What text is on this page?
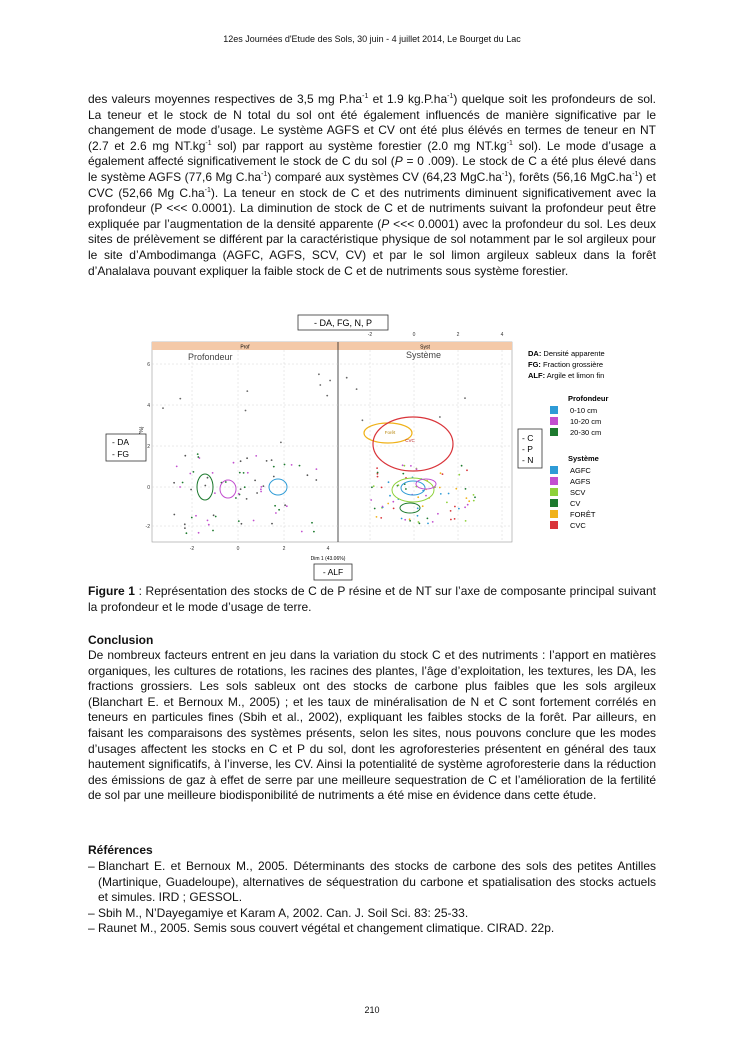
12es Journées d'Etude des Sols, 30 juin - 4 juillet 2014, Le Bourget du Lac
des valeurs moyennes respectives de 3,5 mg $P.ha^{-1}$ et 1.9 $kg.P.ha^{-1}$) quelque soit les profondeurs de sol. La teneur et le stock de N total du sol ont été également influencés de manière significative par le changement de mode d’usage. Le système AGFS et CV ont été plus élévés en termes de teneur en NT (2.7 et 2.6 mg $NT.kg^{-1}$ sol) par rapport au système forestier (2.0 mg $NT.kg^{-1}$ sol). Le mode d’usage a également affecté significativement le stock de C du sol (P = 0 .009). Le stock de C a été plus élevé dans le système AGFS (77,6 Mg $C.ha^{-1}$) comparé aux systèmes CV (64,23 $MgC.ha^{-1}$), forêts (56,16 $MgC.ha^{-1}$) et CVC (52,66 Mg $C.ha^{-1}$). La teneur en stock de C et des nutriments diminuent significativement avec la profondeur (P <<< 0.0001). La diminution de stock de C et de nutriments suivant la profondeur peut être expliquée par l’augmentation de la densité apparente (P <<< 0.0001) avec la profondeur du sol. Les deux sites de prélèvement se différent par la caractéristique physique de sol notamment par le sol argileux pour le site d’Ambodimanga (AGFC, AGFS, SCV, CV) et par le sol limon argileux sableux dans la forêt d’Analalava pouvant expliquer la faible stock de C et de nutriments sous système forestier.
- DA, FG, N, P
Prof	Syst
6
4
2
0
-2
-2	0	2	4
-2	0	2	4
Dim 1 (43.06%)
Profondeur	Système
Forêt
CVC
- DA
- FG
- C
- P
- N
- ALF
DA: Densité apparente
FG: Fraction grossière
ALF: Argile et limon fin
Profondeur
0-10 cm
10-20 cm
20-30 cm
Système
AGFC
AGFS
SCV
CV
FORÊT
CVC
Figure 1 : Représentation des stocks de C de P résine et de NT sur l’axe de composante principal suivant la profondeur et le mode d’usage de terre.
Conclusion
De nombreux facteurs entrent en jeu dans la variation du stock C et des nutriments : l’apport en matières organiques, les cultures de rotations, les racines des plantes, l’âge d’exploitation, les textures, les DA, les fractions grossiers. Les sols sableux ont des stocks de carbone plus faibles que les sols argileux (Blanchart E. et Bernoux M., 2005) ; et les taux de minéralisation de N et C sont fortement corrélés en teneurs en particules fines (Sbih et al., 2002), expliquant les faibles stocks de la forêt. Par ailleurs, en faisant les comparaisons des systèmes présents, selon les sites, nous pouvons conclure que les modes d’usages affectent les stocks en C et P du sol, dont les agroforesteries présentent en général des taux hautement significatifs, à l’inverse, les CV. Ainsi la potentialité de système agroforesterie dans la réduction des émissions de gaz à effet de serre par une meilleure sequestration de C et l’amélioration de la fertilité de sol par une meilleure biodisponibilité de nutriments a été mise en évidence dans cette étude.
Références
– Blanchart E. et Bernoux M., 2005. Déterminants des stocks de carbone des sols des petites Antilles (Martinique, Guadeloupe), alternatives de séquestration du carbone et spatialisation des stocks actuels et simules. IRD ; GESSOL.
– Sbih M., N’Dayegamiye et Karam A, 2002. Can. J. Soil Sci. 83: 25-33.
– Raunet M., 2005. Semis sous couvert végétal et changement climatique. CIRAD. 22p.
210
